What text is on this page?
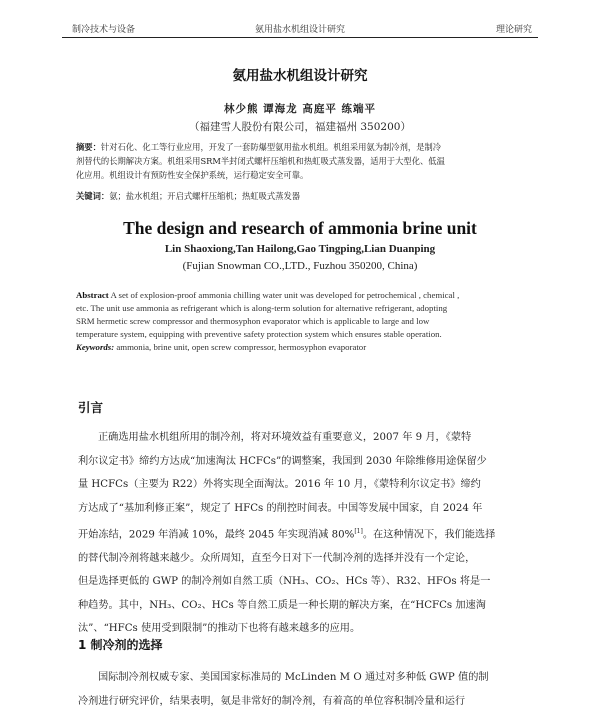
制冷技术与设备	氨用盐水机组设计研究	理论研究
氨用盐水机组设计研究
林少熊 谭海龙 高庭平 练端平
（福建雪人股份有限公司，福建福州 350200）
摘要：针对石化、化工等行业应用，开发了一套防爆型氨用盐水机组。机组采用氨为制冷剂，是制冷
剂替代的长期解决方案。机组采用SRM半封闭式螺杆压缩机和热虹吸式蒸发器，适用于大型化、低温
化应用。机组设计有预防性安全保护系统，运行稳定安全可靠。
关键词：氨；盐水机组；开启式螺杆压缩机；热虹吸式蒸发器
The design and research of ammonia brine unit
Lin Shaoxiong,Tan Hailong,Gao Tingping,Lian Duanping
(Fujian Snowman CO.,LTD., Fuzhou 350200, China)
Abstract A set of explosion-proof ammonia chilling water unit was developed for petrochemical , chemical ,
etc. The unit use ammonia as refrigerant which is along-term solution for alternative refrigerant, adopting
SRM hermetic screw compressor and thermosyphon evaporator which is applicable to large and low
temperature system, equipping with preventive safety protection system which ensures stable operation.
Keywords: ammonia, brine unit, open screw compressor, hermosyphon evaporator
引言
正确选用盐水机组所用的制冷剂，将对环境效益有重要意义，2007 年 9 月，《蒙特
利尔议定书》缔约方达成“加速淘汰 HCFCs”的调整案，我国到 2030 年除维修用途保留少
量 HCFCs（主要为 R22）外将实现全面淘汰。2016 年 10 月，《蒙特利尔议定书》缔约
方达成了“基加利修正案”，规定了 HFCs 的削控时间表。中国等发展中国家，自 2024 年
开始冻结，2029 年消减 10%，最终 2045 年实现消减 80%[1]。在这种情况下，我们能选择
的替代制冷剂将越来越少。众所周知，直至今日对下一代制冷剂的选择并没有一个定论，
但是选择更低的 GWP 的制冷剂如自然工质（NH₃、CO₂、HCs 等）、R32、HFOs 将是一
种趋势。其中，NH₃、CO₂、HCs 等自然工质是一种长期的解决方案，在“HCFCs 加速淘
汰”、“HFCs 使用受到限制”的推动下也将有越来越多的应用。
1 制冷剂的选择
国际制冷剂权威专家、美国国家标准局的 McLinden M O 通过对多种低 GWP 值的制
冷剂进行研究评价，结果表明，氨是非常好的制冷剂，有着高的单位容积制冷量和运行
